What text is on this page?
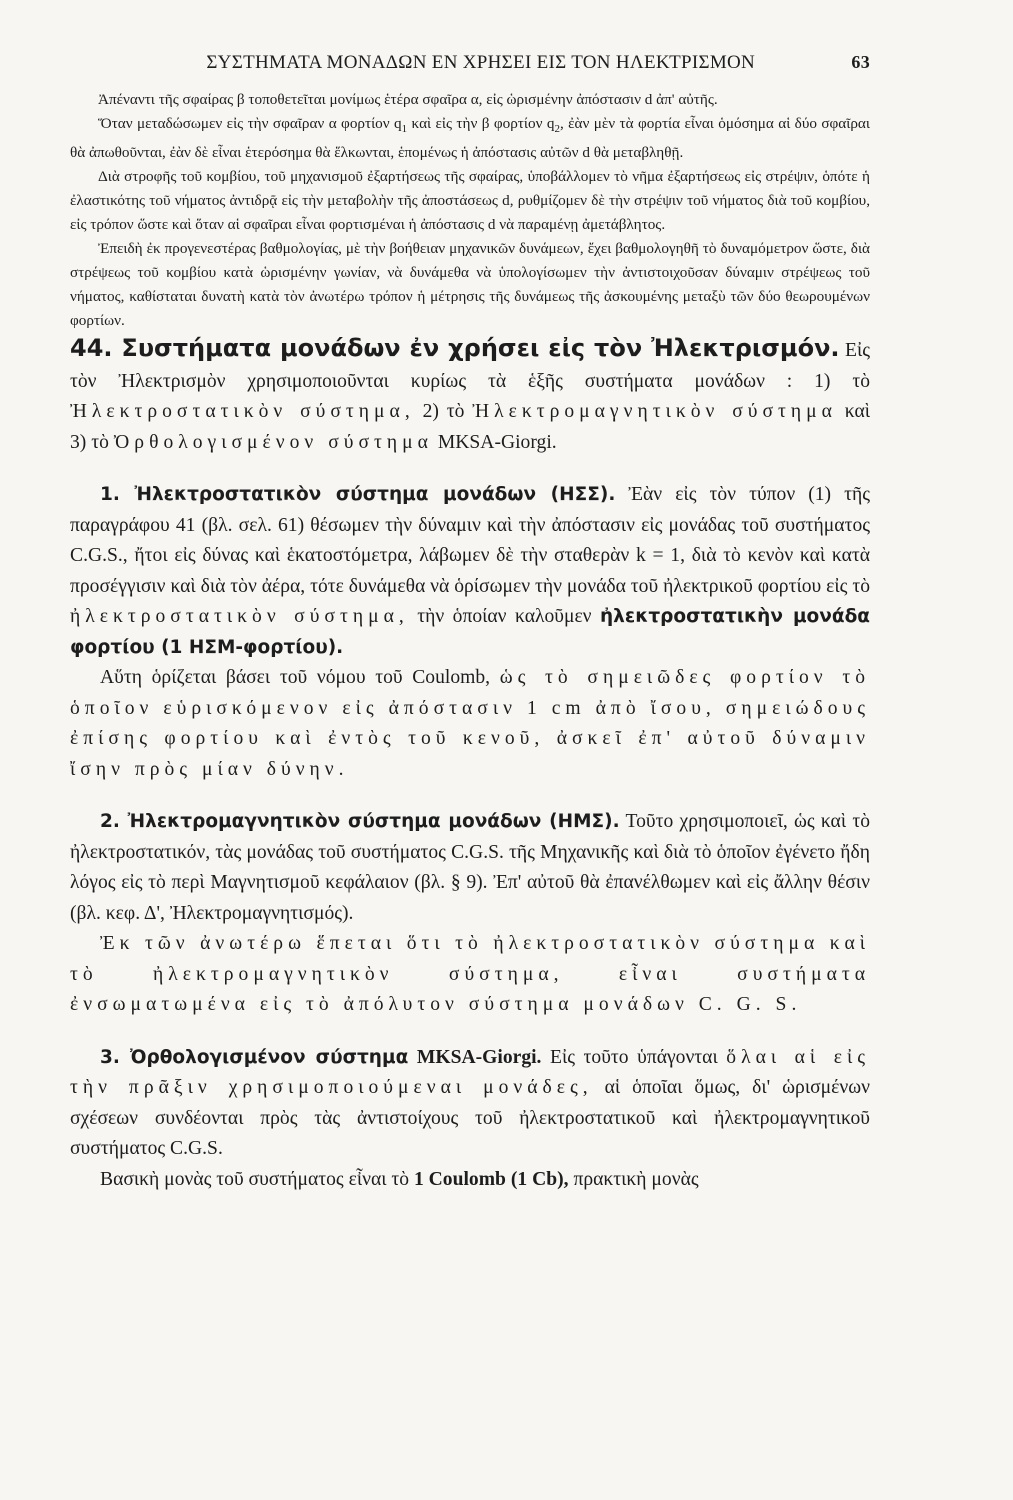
ΣΥΣΤΗΜΑΤΑ ΜΟΝΑΔΩΝ ΕΝ ΧΡΗΣΕΙ ΕΙΣ ΤΟΝ ΗΛΕΚΤΡΙΣΜΟΝ	63

Ἀπέναντι τῆς σφαίρας β τοποθετεῖται μονίμως ἑτέρα σφαῖρα α, εἰς ὡρισμένην ἀπόστασιν d ἀπ' αὐτῆς.

Ὅταν μεταδώσωμεν εἰς τὴν σφαῖραν α φορτίον $q_1$ καὶ εἰς τὴν β φορτίον $q_2$, ἐὰν μὲν τὰ φορτία εἶναι ὁμόσημα αἱ δύο σφαῖραι θὰ ἀπωθοῦνται, ἐὰν δὲ εἶναι ἑτερόσημα θὰ ἕλκωνται, ἑπομένως ἡ ἀπόστασις αὐτῶν d θὰ μεταβληθῇ.

Διὰ στροφῆς τοῦ κομβίου, τοῦ μηχανισμοῦ ἐξαρτήσεως τῆς σφαίρας, ὑποβάλλομεν τὸ νῆμα ἐξαρτήσεως εἰς στρέψιν, ὁπότε ἡ ἐλαστικότης τοῦ νήματος ἀντιδρᾷ εἰς τὴν μεταβολὴν τῆς ἀποστάσεως d, ρυθμίζομεν δὲ τὴν στρέψιν τοῦ νήματος διὰ τοῦ κομβίου, εἰς τρόπον ὥστε καὶ ὅταν αἱ σφαῖραι εἶναι φορτισμέναι ἡ ἀπόστασις d νὰ παραμένῃ ἀμετάβλητος.

Ἐπειδὴ ἐκ προγενεστέρας βαθμολογίας, μὲ τὴν βοήθειαν μηχανικῶν δυνάμεων, ἔχει βαθμολογηθῆ τὸ δυναμόμετρον ὥστε, διὰ στρέψεως τοῦ κομβίου κατὰ ὡρισμένην γωνίαν, νὰ δυνάμεθα νὰ ὑπολογίσωμεν τὴν ἀντιστοιχοῦσαν δύναμιν στρέψεως τοῦ νήματος, καθίσταται δυνατὴ κατὰ τὸν ἀνωτέρω τρόπον ἡ μέτρησις τῆς δυνάμεως τῆς ἀσκουμένης μεταξὺ τῶν δύο θεωρουμένων φορτίων.

44. Συστήματα μονάδων ἐν χρήσει εἰς τὸν Ἠλεκτρισμόν. Εἰς τὸν Ἠλεκτρισμὸν χρησιμοποιοῦνται κυρίως τὰ ἑξῆς συστήματα μονάδων : 1) τὸ Ἠλεκτροστατικὸν σύστημα, 2) τὸ Ἠλεκτρομαγνητικὸν σύστημα καὶ 3) τὸ Ὀρθολογισμένον σύστημα MKSA-Giorgi.

1. Ἠλεκτροστατικὸν σύστημα μονάδων (ΗΣΣ). Ἐὰν εἰς τὸν τύπον (1) τῆς παραγράφου 41 (βλ. σελ. 61) θέσωμεν τὴν δύναμιν καὶ τὴν ἀπόστασιν εἰς μονάδας τοῦ συστήματος C.G.S., ἤτοι εἰς δύνας καὶ ἑκατοστόμετρα, λάβωμεν δὲ τὴν σταθερὰν k = 1, διὰ τὸ κενὸν καὶ κατὰ προσέγγισιν καὶ διὰ τὸν ἀέρα, τότε δυνάμεθα νὰ ὁρίσωμεν τὴν μονάδα τοῦ ἠλεκτρικοῦ φορτίου εἰς τὸ ἠλεκτροστατικὸν σύστημα, τὴν ὁποίαν καλοῦμεν ἠλεκτροστατικὴν μονάδα φορτίου (1 ΗΣΜ-φορτίου).

Αὕτη ὁρίζεται βάσει τοῦ νόμου τοῦ Coulomb, ὡς τὸ σημειῶδες φορτίον τὸ ὁποῖον εὑρισκόμενον εἰς ἀπόστασιν 1 cm ἀπὸ ἴσου, σημειώδους ἐπίσης φορτίου καὶ ἐντὸς τοῦ κενοῦ, ἀσκεῖ ἐπ' αὐτοῦ δύναμιν ἴσην πρὸς μίαν δύνην.

2. Ἠλεκτρομαγνητικὸν σύστημα μονάδων (ΗΜΣ). Τοῦτο χρησιμοποιεῖ, ὡς καὶ τὸ ἠλεκτροστατικόν, τὰς μονάδας τοῦ συστήματος C.G.S. τῆς Μηχανικῆς καὶ διὰ τὸ ὁποῖον ἐγένετο ἤδη λόγος εἰς τὸ περὶ Μαγνητισμοῦ κεφάλαιον (βλ. § 9). Ἐπ' αὐτοῦ θὰ ἐπανέλθωμεν καὶ εἰς ἄλλην θέσιν (βλ. κεφ. Δ', Ἠλεκτρομαγνητισμός).

Ἐκ τῶν ἀνωτέρω ἕπεται ὅτι τὸ ἠλεκτροστατικὸν σύστημα καὶ τὸ ἠλεκτρομαγνητικὸν σύστημα, εἶναι συστήματα ἐνσωματωμένα εἰς τὸ ἀπόλυτον σύστημα μονάδων C. G. S.

3. Ὀρθολογισμένον σύστημα MKSA-Giorgi. Εἰς τοῦτο ὑπάγονται ὅλαι αἱ εἰς τὴν πρᾶξιν χρησιμοποιούμεναι μονάδες, αἱ ὁποῖαι ὅμως, δι' ὡρισμένων σχέσεων συνδέονται πρὸς τὰς ἀντιστοίχους τοῦ ἠλεκτροστατικοῦ καὶ ἠλεκτρομαγνητικοῦ συστήματος C.G.S.

Βασικὴ μονὰς τοῦ συστήματος εἶναι τὸ 1 Coulomb (1 Cb), πρακτικὴ μονὰς
